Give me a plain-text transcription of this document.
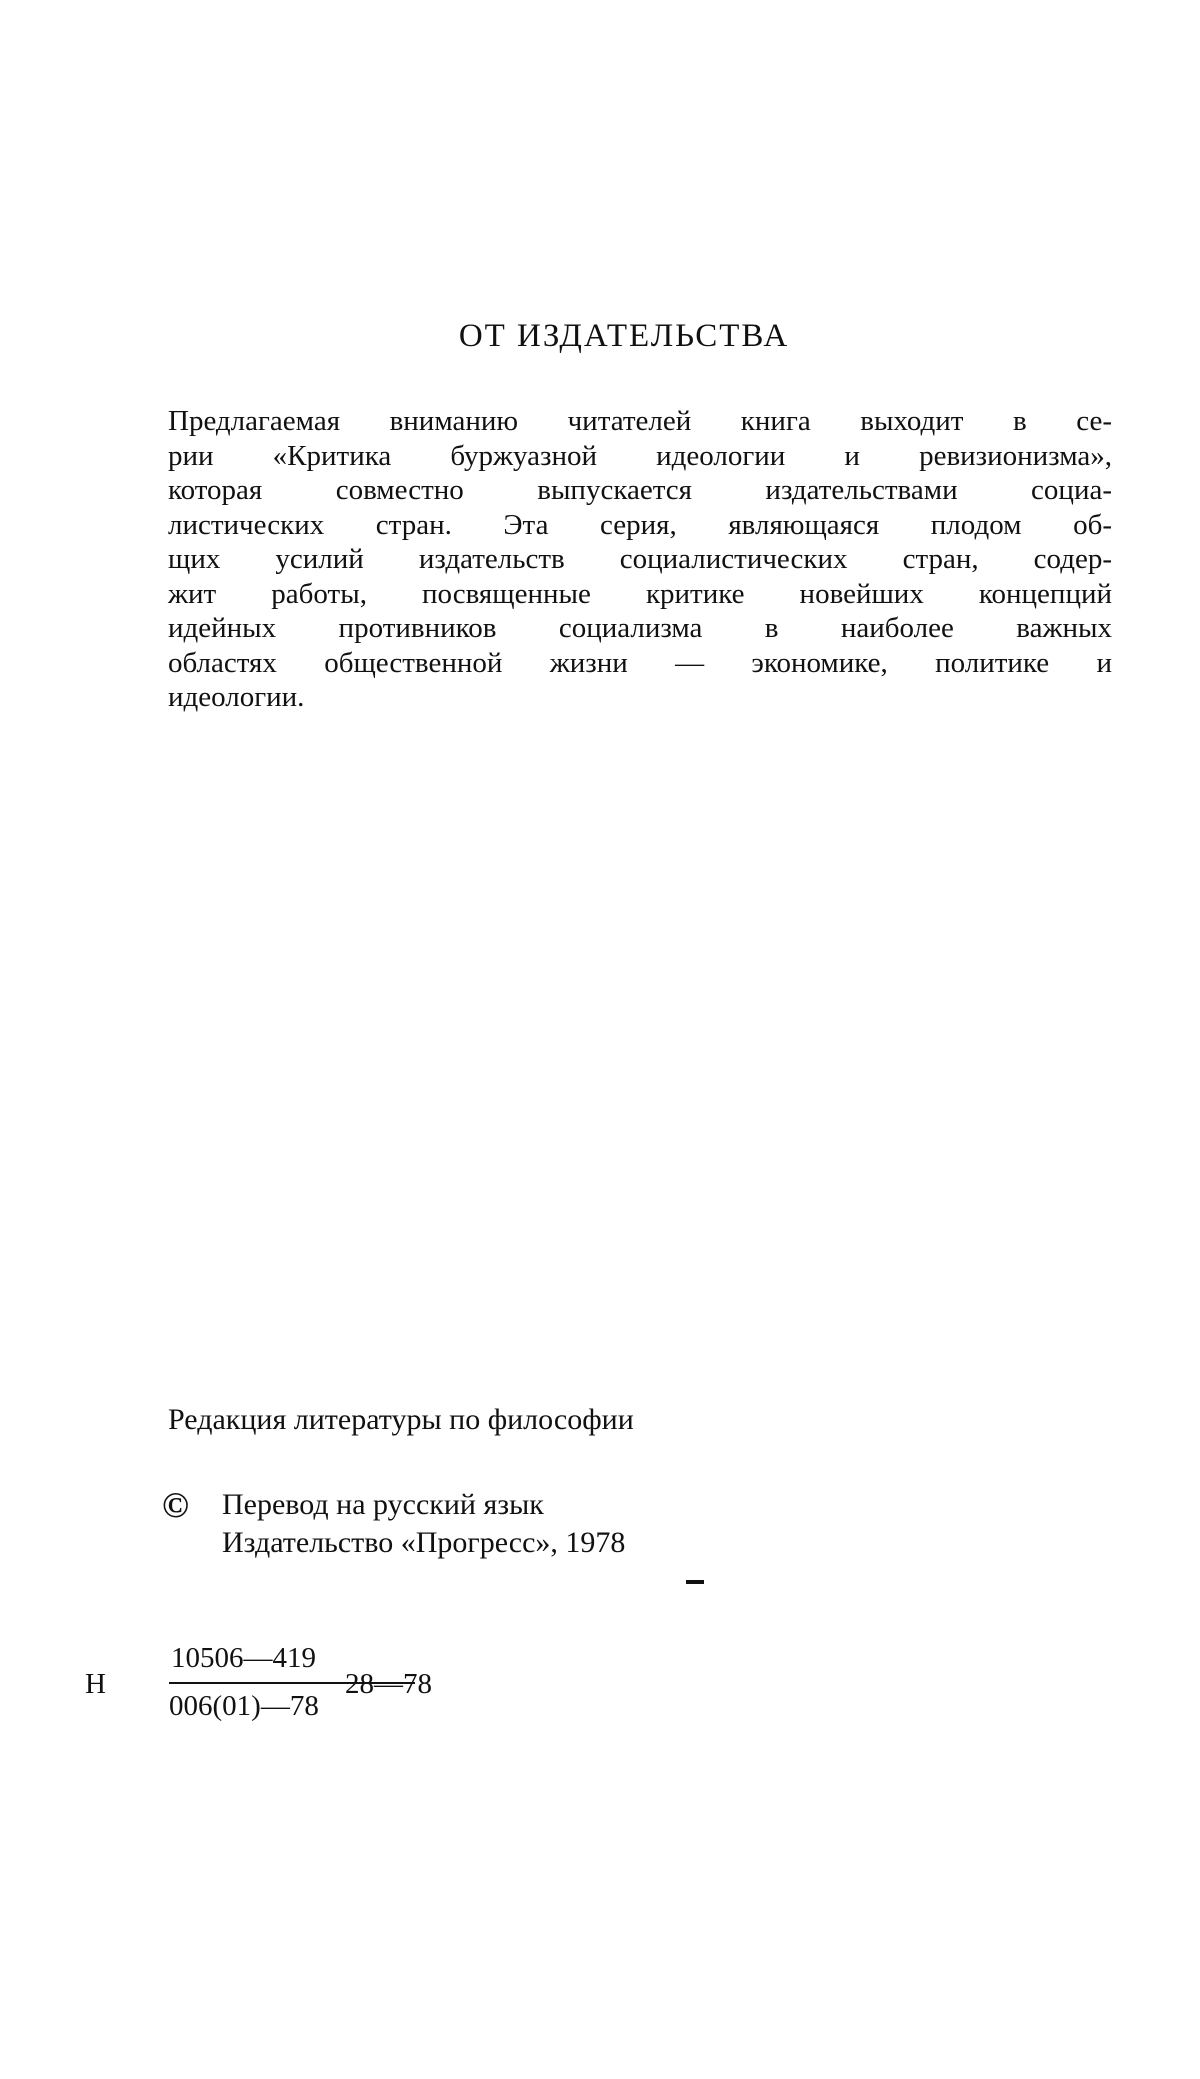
ОТ ИЗДАТЕЛЬСТВА
Предлагаемая вниманию читателей книга выходит в се-
рии «Критика буржуазной идеологии и ревизионизма»,
которая совместно выпускается издательствами социа-
листических стран. Эта серия, являющаяся плодом об-
щих усилий издательств социалистических стран, содер-
жит работы, посвященные критике новейших концепций
идейных противников социализма в наиболее важных
областях общественной жизни — экономике, политике и
идеологии.
Редакция литературы по философии
©	Перевод на русский язык
Издательство «Прогресс», 1978
Н
10506—419
006(01)—78
28—78
